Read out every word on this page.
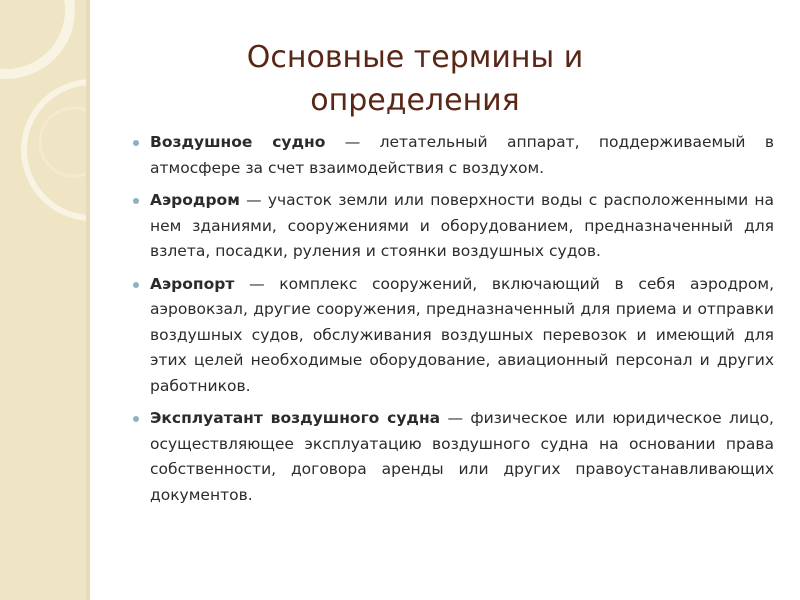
Основные термины и
определения
Воздушное судно — летательный аппарат, поддерживаемый в атмосфере за счет взаимодействия с воздухом.
Аэродром — участок земли или поверхности воды с расположенными на нем зданиями, сооружениями и оборудованием, предназначенный для взлета, посадки, руления и стоянки воздушных судов.
Аэропорт — комплекс сооружений, включающий в себя аэродром, аэровокзал, другие сооружения, предназначенный для приема и отправки воздушных судов, обслуживания воздушных перевозок и имеющий для этих целей необходимые оборудование, авиационный персонал и других работников.
Эксплуатант воздушного судна — физическое или юридическое лицо, осуществляющее эксплуатацию воздушного судна на основании права собственности, договора аренды или других правоустанавливающих документов.
